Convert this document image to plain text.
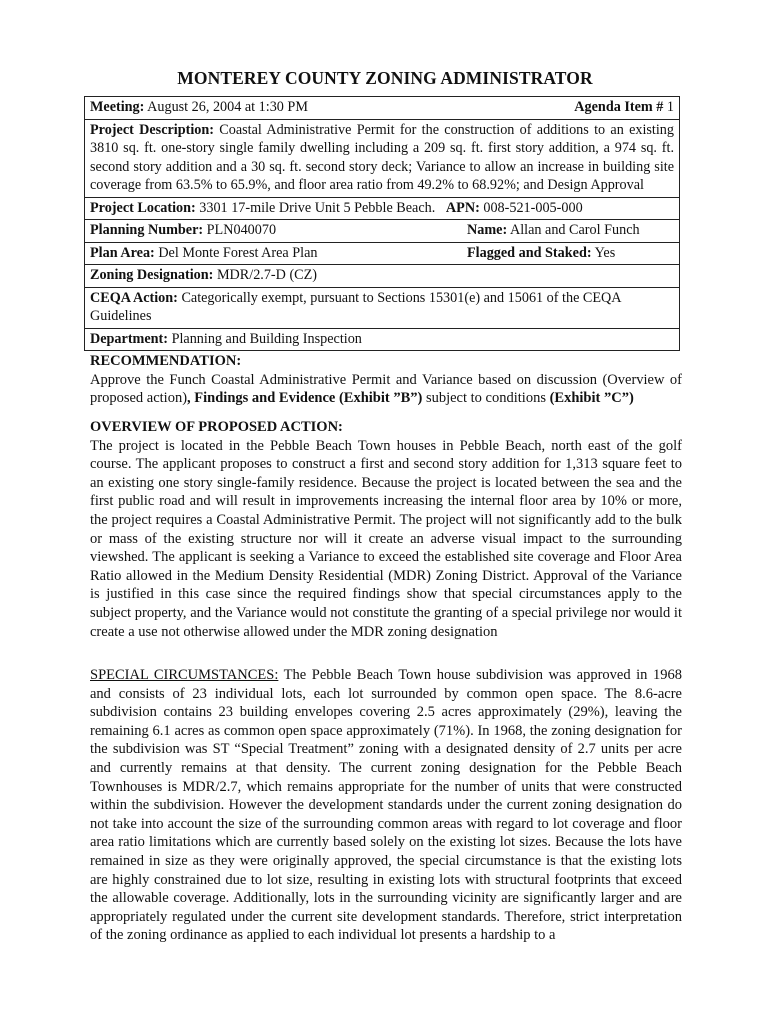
MONTEREY COUNTY ZONING ADMINISTRATOR
Meeting: August 26, 2004 at 1:30 PM	Agenda Item # 1
Project Description: Coastal Administrative Permit for the construction of additions to an existing 3810 sq. ft. one-story single family dwelling including a 209 sq. ft. first story addition, a 974 sq. ft. second story addition and a 30 sq. ft. second story deck; Variance to allow an increase in building site coverage from 63.5% to 65.9%, and floor area ratio from 49.2% to 68.92%; and Design Approval
Project Location: 3301 17-mile Drive Unit 5 Pebble Beach. APN: 008-521-005-000
Planning Number: PLN040070	Name: Allan and Carol Funch
Plan Area: Del Monte Forest Area Plan	Flagged and Staked: Yes
Zoning Designation: MDR/2.7-D (CZ)
CEQA Action: Categorically exempt, pursuant to Sections 15301(e) and 15061 of the CEQA Guidelines
Department: Planning and Building Inspection
RECOMMENDATION:

Approve the Funch Coastal Administrative Permit and Variance based on discussion (Overview of proposed action), Findings and Evidence (Exhibit ”B”) subject to conditions (Exhibit ”C”)

OVERVIEW OF PROPOSED ACTION:

The project is located in the Pebble Beach Town houses in Pebble Beach, north east of the golf course. The applicant proposes to construct a first and second story addition for 1,313 square feet to an existing one story single-family residence. Because the project is located between the sea and the first public road and will result in improvements increasing the internal floor area by 10% or more, the project requires a Coastal Administrative Permit. The project will not significantly add to the bulk or mass of the existing structure nor will it create an adverse visual impact to the surrounding viewshed. The applicant is seeking a Variance to exceed the established site coverage and Floor Area Ratio allowed in the Medium Density Residential (MDR) Zoning District. Approval of the Variance is justified in this case since the required findings show that special circumstances apply to the subject property, and the Variance would not constitute the granting of a special privilege nor would it create a use not otherwise allowed under the MDR zoning designation

SPECIAL CIRCUMSTANCES: The Pebble Beach Town house subdivision was approved in 1968 and consists of 23 individual lots, each lot surrounded by common open space. The 8.6-acre subdivision contains 23 building envelopes covering 2.5 acres approximately (29%), leaving the remaining 6.1 acres as common open space approximately (71%). In 1968, the zoning designation for the subdivision was ST “Special Treatment” zoning with a designated density of 2.7 units per acre and currently remains at that density. The current zoning designation for the Pebble Beach Townhouses is MDR/2.7, which remains appropriate for the number of units that were constructed within the subdivision. However the development standards under the current zoning designation do not take into account the size of the surrounding common areas with regard to lot coverage and floor area ratio limitations which are currently based solely on the existing lot sizes. Because the lots have remained in size as they were originally approved, the special circumstance is that the existing lots are highly constrained due to lot size, resulting in existing lots with structural footprints that exceed the allowable coverage. Additionally, lots in the surrounding vicinity are significantly larger and are appropriately regulated under the current site development standards. Therefore, strict interpretation of the zoning ordinance as applied to each individual lot presents a hardship to a
